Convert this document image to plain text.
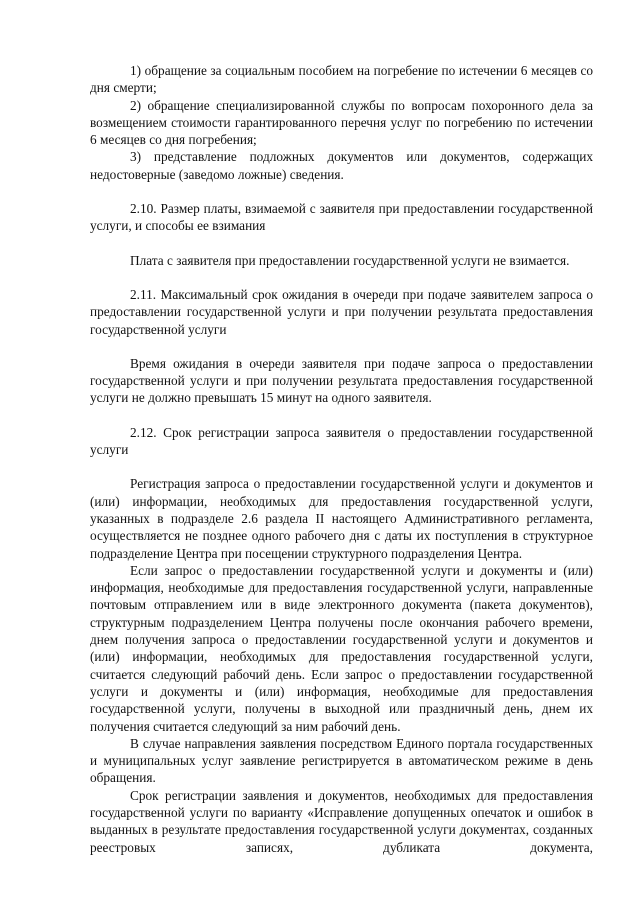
1) обращение за социальным пособием на погребение по истечении 6 месяцев со дня смерти;

2) обращение специализированной службы по вопросам похоронного дела за возмещением стоимости гарантированного перечня услуг по погребению по истечении 6 месяцев со дня погребения;

3) представление подложных документов или документов, содержащих недостоверные (заведомо ложные) сведения.

2.10. Размер платы, взимаемой с заявителя при предоставлении государственной услуги, и способы ее взимания

Плата с заявителя при предоставлении государственной услуги не взимается.

2.11. Максимальный срок ожидания в очереди при подаче заявителем запроса о предоставлении государственной услуги и при получении результата предоставления государственной услуги

Время ожидания в очереди заявителя при подаче запроса о предоставлении государственной услуги и при получении результата предоставления государственной услуги не должно превышать 15 минут на одного заявителя.

2.12. Срок регистрации запроса заявителя о предоставлении государственной услуги

Регистрация запроса о предоставлении государственной услуги и документов и (или) информации, необходимых для предоставления государственной услуги, указанных в подразделе 2.6 раздела II настоящего Административного регламента, осуществляется не позднее одного рабочего дня с даты их поступления в структурное подразделение Центра при посещении структурного подразделения Центра.

Если запрос о предоставлении государственной услуги и документы и (или) информация, необходимые для предоставления государственной услуги, направленные почтовым отправлением или в виде электронного документа (пакета документов), структурным подразделением Центра получены после окончания рабочего времени, днем получения запроса о предоставлении государственной услуги и документов и (или) информации, необходимых для предоставления государственной услуги, считается следующий рабочий день. Если запрос о предоставлении государственной услуги и документы и (или) информация, необходимые для предоставления государственной услуги, получены в выходной или праздничный день, днем их получения считается следующий за ним рабочий день.

В случае направления заявления посредством Единого портала государственных и муниципальных услуг заявление регистрируется в автоматическом режиме в день обращения.

Срок регистрации заявления и документов, необходимых для предоставления государственной услуги по варианту «Исправление допущенных опечаток и ошибок в выданных в результате предоставления государственной услуги документах, созданных реестровых записях, дубликата документа,
